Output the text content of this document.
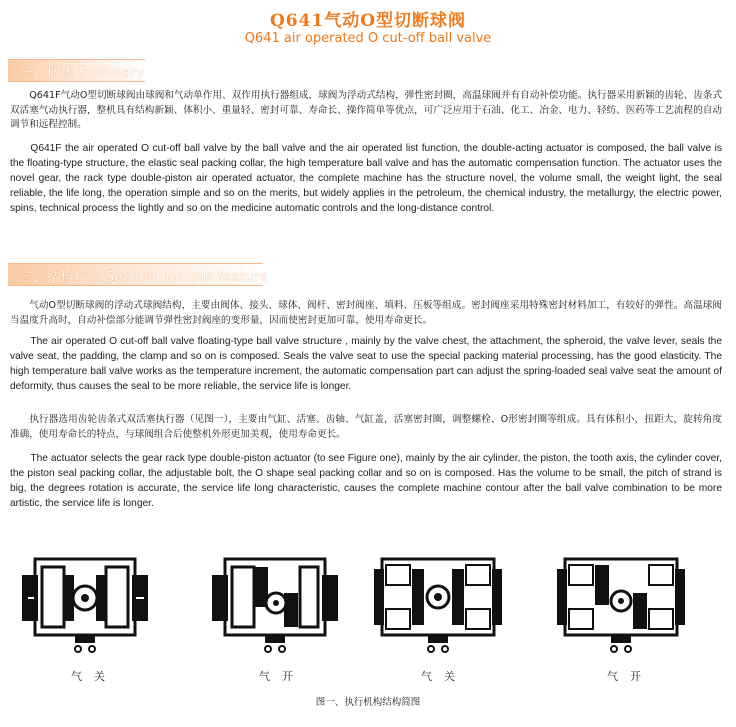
Q641气动O型切断球阀
Q641 air operated O cut-off ball valve
一、概述 Summary

Q641F气动O型切断球阀由球阀和气动单作用、双作用执行器组成，球阀为浮动式结构，弹性密封圈，高温球阀并有自动补偿功能。执行器采用新颖的齿轮、齿条式双活塞气动执行器，整机具有结构新颖、体积小、重量轻、密封可靠、寿命长、操作简单等优点，可广泛应用于石油、化工、冶金、电力、轻纺、医药等工艺流程的自动调节和远程控制。

Q641F the air operated O cut-off ball valve by the ball valve and the air operated list function, the double-acting actuator is composed, the ball valve is the floating-type structure, the elastic seal packing collar, the high temperature ball valve and has the automatic compensation function. The actuator uses the novel gear, the rack type double-piston air operated actuator, the complete machine has the structure novel, the volume small, the weight light, the seal reliable, the life long, the operation simple and so on the merits, but widely applies in the petroleum, the chemical industry, the metallurgy, the electric power, spins, technical process the lightly and so on the medicine automatic controls and the long-distance control.

二、结构特点 Second, unique feature

气动O型切断球阀的浮动式球阀结构，主要由阀体、接头、球体、阀杆、密封阀座、填料、压板等组成。密封阀座采用特殊密封材料加工，有较好的弹性。高温球阀当温度升高时，自动补偿部分能调节弹性密封阀座的变形量，因而使密封更加可靠，使用寿命更长。

The air operated O cut-off ball valve floating-type ball valve structure , mainly by the valve chest, the attachment, the spheroid, the valve lever, seals the valve seat, the padding, the clamp and so on is composed. Seals the valve seat to use the special packing material processing, has the good elasticity. The high temperature ball valve works as the temperature increment, the automatic compensation part can adjust the spring-loaded seal valve seat the amount of deformity, thus causes the seal to be more reliable, the service life is longer.

执行器选用齿轮齿条式双活塞执行器（见图一），主要由气缸、活塞、齿轴、气缸盖，活塞密封圈，调整螺栓、O形密封圈等组成。具有体积小，扭距大，旋转角度准确，使用寿命长的特点，与球阀组合后使整机外形更加美观，使用寿命更长。

The actuator selects the gear rack type double-piston actuator (to see Figure one), mainly by the air cylinder, the piston, the tooth axis, the cylinder cover, the piston seal packing collar, the adjustable bolt, the O shape seal packing collar and so on is composed. Has the volume to be small, the pitch of strand is big, the degrees rotation is accurate, the service life long characteristic, causes the complete machine contour after the ball valve combination to be more artistic, the service life is longer.

气关	气开	气关	气开
图一、执行机构结构简图
